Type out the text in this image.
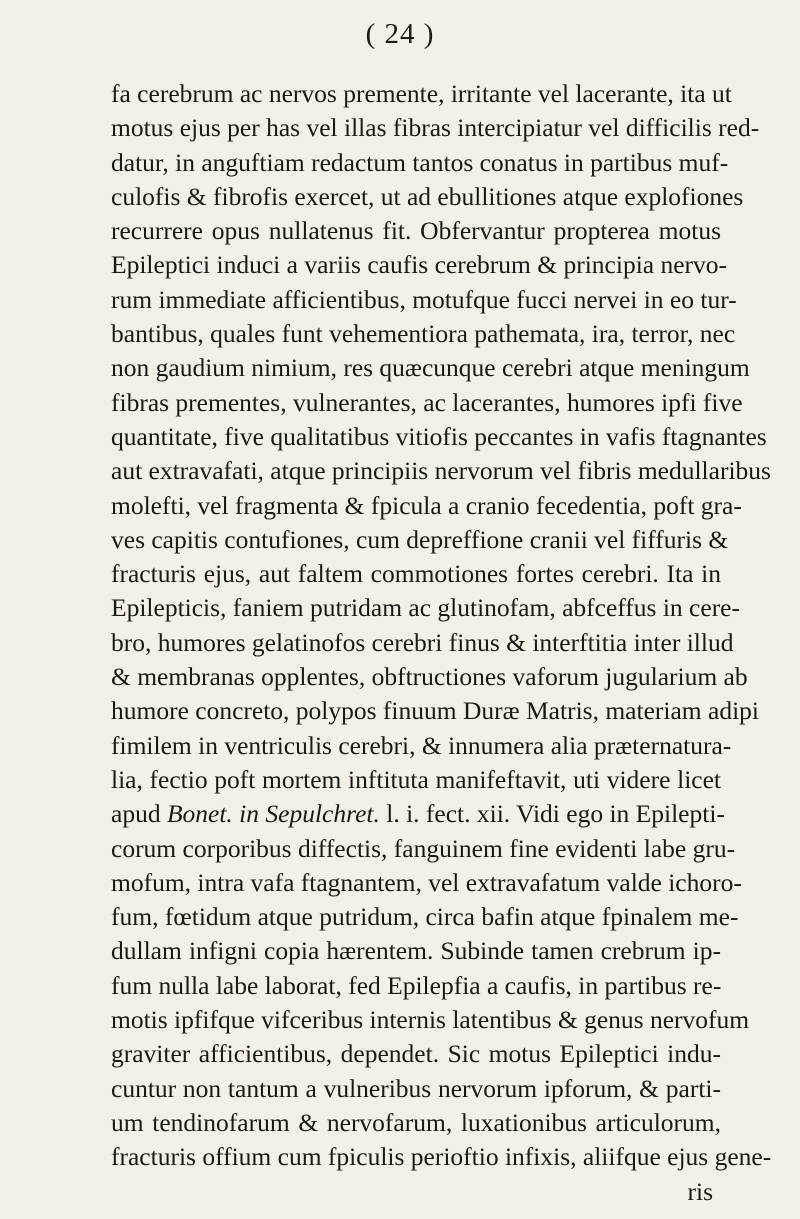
( 24 )
fa cerebrum ac nervos premente, irritante vel lacerante, ita ut
motus ejus per has vel illas fibras intercipiatur vel difficilis red-
datur, in anguftiam redactum tantos conatus in partibus muf-
culofis & fibrofis exercet, ut ad ebullitiones atque explofiones
recurrere opus nullatenus fit. Obfervantur propterea motus
Epileptici induci a variis caufis cerebrum & principia nervo-
rum immediate afficientibus, motufque fucci nervei in eo tur-
bantibus, quales funt vehementiora pathemata, ira, terror, nec
non gaudium nimium, res quæcunque cerebri atque meningum
fibras prementes, vulnerantes, ac lacerantes, humores ipfi five
quantitate, five qualitatibus vitiofis peccantes in vafis ftagnantes
aut extravafati, atque principiis nervorum vel fibris medullaribus
molefti, vel fragmenta & fpicula a cranio fecedentia, poft gra-
ves capitis contufiones, cum depreffione cranii vel fiffuris &
fracturis ejus, aut faltem commotiones fortes cerebri. Ita in
Epilepticis, faniem putridam ac glutinofam, abfceffus in cere-
bro, humores gelatinofos cerebri finus & interftitia inter illud
& membranas opplentes, obftructiones vaforum jugularium ab
humore concreto, polypos finuum Duræ Matris, materiam adipi
fimilem in ventriculis cerebri, & innumera alia præternatura-
lia, fectio poft mortem inftituta manifeftavit, uti videre licet
apud Bonet. in Sepulchret. l. i. fect. xii. Vidi ego in Epilepti-
corum corporibus diffectis, fanguinem fine evidenti labe gru-
mofum, intra vafa ftagnantem, vel extravafatum valde ichoro-
fum, fœtidum atque putridum, circa bafin atque fpinalem me-
dullam infigni copia hærentem. Subinde tamen crebrum ip-
fum nulla labe laborat, fed Epilepfia a caufis, in partibus re-
motis ipfifque vifceribus internis latentibus & genus nervofum
graviter afficientibus, dependet. Sic motus Epileptici indu-
cuntur non tantum a vulneribus nervorum ipforum, & parti-
um tendinofarum & nervofarum, luxationibus articulorum,
fracturis offium cum fpiculis perioftio infixis, aliifque ejus gene-
ris
